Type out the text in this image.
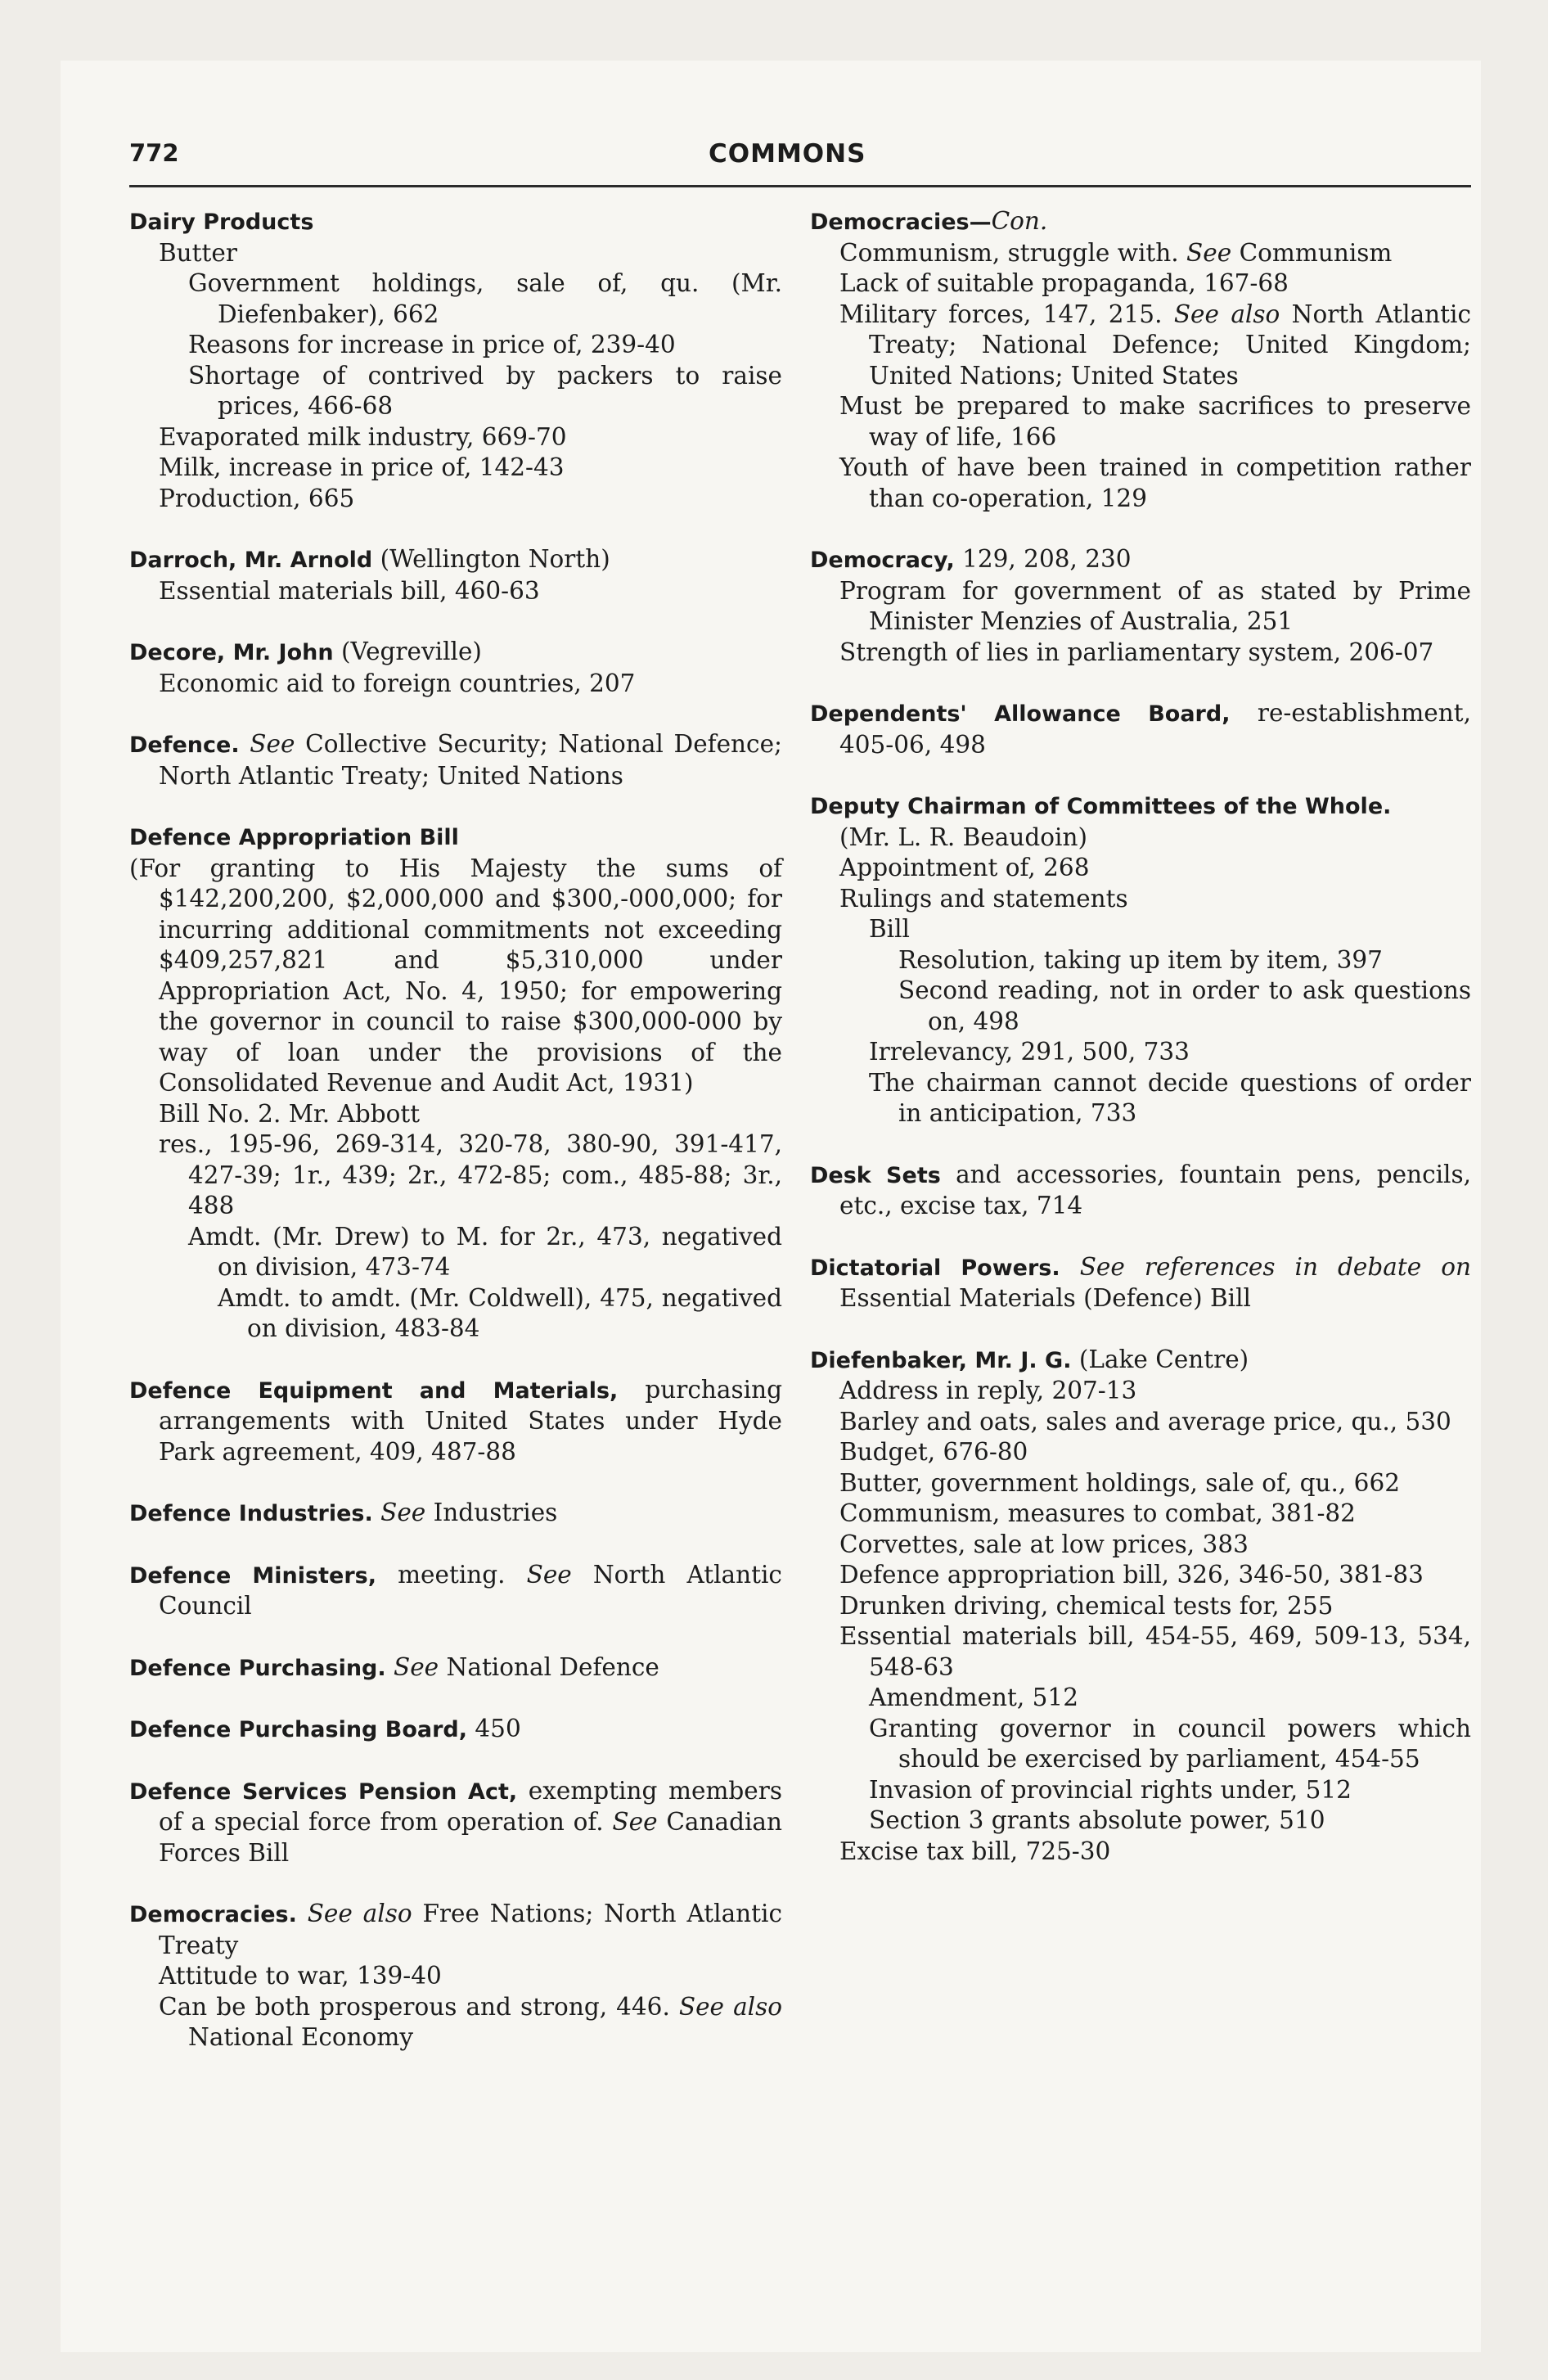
772	COMMONS
Dairy Products
Butter
Government holdings, sale of, qu. (Mr. Diefenbaker), 662
Reasons for increase in price of, 239-40
Shortage of contrived by packers to raise prices, 466-68
Evaporated milk industry, 669-70
Milk, increase in price of, 142-43
Production, 665
Darroch, Mr. Arnold (Wellington North)
Essential materials bill, 460-63
Decore, Mr. John (Vegreville)
Economic aid to foreign countries, 207
Defence. See Collective Security; National Defence; North Atlantic Treaty; United Nations
Defence Appropriation Bill
(For granting to His Majesty the sums of $142,200,200, $2,000,000 and $300,-000,000; for incurring additional commitments not exceeding $409,257,821 and $5,310,000 under Appropriation Act, No. 4, 1950; for empowering the governor in council to raise $300,000-000 by way of loan under the provisions of the Consolidated Revenue and Audit Act, 1931)
Bill No. 2. Mr. Abbott
res., 195-96, 269-314, 320-78, 380-90, 391-417, 427-39; 1r., 439; 2r., 472-85; com., 485-88; 3r., 488
Amdt. (Mr. Drew) to M. for 2r., 473, negatived on division, 473-74
Amdt. to amdt. (Mr. Coldwell), 475, negatived on division, 483-84
Defence Equipment and Materials, purchasing arrangements with United States under Hyde Park agreement, 409, 487-88
Defence Industries. See Industries
Defence Ministers, meeting. See North Atlantic Council
Defence Purchasing. See National Defence
Defence Purchasing Board, 450
Defence Services Pension Act, exempting members of a special force from operation of. See Canadian Forces Bill
Democracies. See also Free Nations; North Atlantic Treaty
Attitude to war, 139-40
Can be both prosperous and strong, 446. See also National Economy
Democracies—Con.
Communism, struggle with. See Communism
Lack of suitable propaganda, 167-68
Military forces, 147, 215. See also North Atlantic Treaty; National Defence; United Kingdom; United Nations; United States
Must be prepared to make sacrifices to preserve way of life, 166
Youth of have been trained in competition rather than co-operation, 129
Democracy, 129, 208, 230
Program for government of as stated by Prime Minister Menzies of Australia, 251
Strength of lies in parliamentary system, 206-07
Dependents' Allowance Board, re-establishment, 405-06, 498
Deputy Chairman of Committees of the Whole.
(Mr. L. R. Beaudoin)
Appointment of, 268
Rulings and statements
Bill
Resolution, taking up item by item, 397
Second reading, not in order to ask questions on, 498
Irrelevancy, 291, 500, 733
The chairman cannot decide questions of order in anticipation, 733
Desk Sets and accessories, fountain pens, pencils, etc., excise tax, 714
Dictatorial Powers. See references in debate on Essential Materials (Defence) Bill
Diefenbaker, Mr. J. G. (Lake Centre)
Address in reply, 207-13
Barley and oats, sales and average price, qu., 530
Budget, 676-80
Butter, government holdings, sale of, qu., 662
Communism, measures to combat, 381-82
Corvettes, sale at low prices, 383
Defence appropriation bill, 326, 346-50, 381-83
Drunken driving, chemical tests for, 255
Essential materials bill, 454-55, 469, 509-13, 534, 548-63
Amendment, 512
Granting governor in council powers which should be exercised by parliament, 454-55
Invasion of provincial rights under, 512
Section 3 grants absolute power, 510
Excise tax bill, 725-30
